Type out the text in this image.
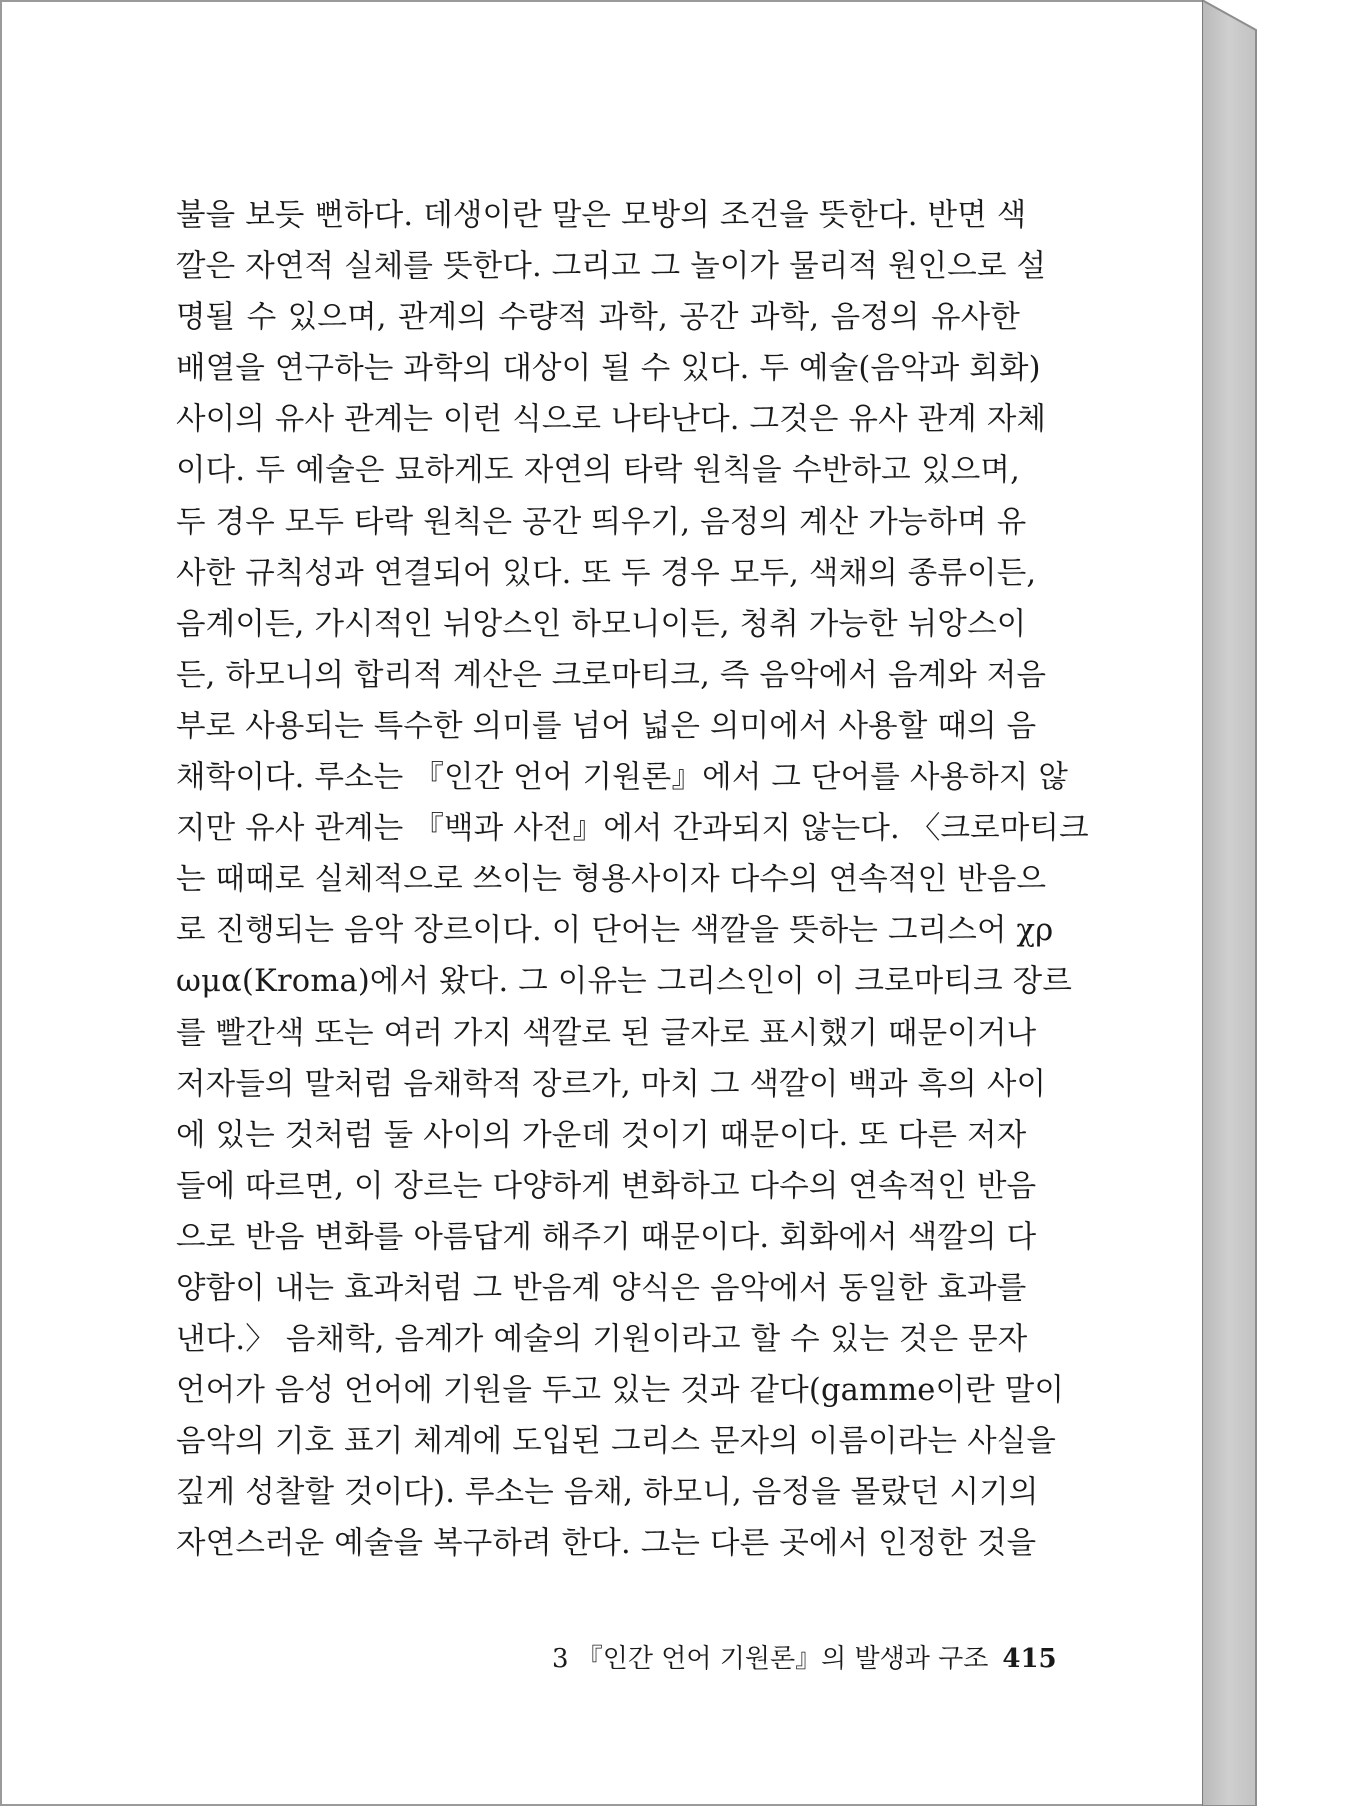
불을 보듯 뻔하다. 데생이란 말은 모방의 조건을 뜻한다. 반면 색
깔은 자연적 실체를 뜻한다. 그리고 그 놀이가 물리적 원인으로 설
명될 수 있으며, 관계의 수량적 과학, 공간 과학, 음정의 유사한
배열을 연구하는 과학의 대상이 될 수 있다. 두 예술(음악과 회화)
사이의 유사 관계는 이런 식으로 나타난다. 그것은 유사 관계 자체
이다. 두 예술은 묘하게도 자연의 타락 원칙을 수반하고 있으며,
두 경우 모두 타락 원칙은 공간 띄우기, 음정의 계산 가능하며 유
사한 규칙성과 연결되어 있다. 또 두 경우 모두, 색채의 종류이든,
음계이든, 가시적인 뉘앙스인 하모니이든, 청취 가능한 뉘앙스이
든, 하모니의 합리적 계산은 크로마티크, 즉 음악에서 음계와 저음
부로 사용되는 특수한 의미를 넘어 넓은 의미에서 사용할 때의 음
채학이다. 루소는 『인간 언어 기원론』에서 그 단어를 사용하지 않
지만 유사 관계는 『백과 사전』에서 간과되지 않는다. 〈크로마티크
는 때때로 실체적으로 쓰이는 형용사이자 다수의 연속적인 반음으
로 진행되는 음악 장르이다. 이 단어는 색깔을 뜻하는 그리스어 χρ
ωμα(Kroma)에서 왔다. 그 이유는 그리스인이 이 크로마티크 장르
를 빨간색 또는 여러 가지 색깔로 된 글자로 표시했기 때문이거나
저자들의 말처럼 음채학적 장르가, 마치 그 색깔이 백과 흑의 사이
에 있는 것처럼 둘 사이의 가운데 것이기 때문이다. 또 다른 저자
들에 따르면, 이 장르는 다양하게 변화하고 다수의 연속적인 반음
으로 반음 변화를 아름답게 해주기 때문이다. 회화에서 색깔의 다
양함이 내는 효과처럼 그 반음계 양식은 음악에서 동일한 효과를
낸다.〉 음채학, 음계가 예술의 기원이라고 할 수 있는 것은 문자
언어가 음성 언어에 기원을 두고 있는 것과 같다(gamme이란 말이
음악의 기호 표기 체계에 도입된 그리스 문자의 이름이라는 사실을
깊게 성찰할 것이다). 루소는 음채, 하모니, 음정을 몰랐던 시기의
자연스러운 예술을 복구하려 한다. 그는 다른 곳에서 인정한 것을
3 『인간 언어 기원론』의 발생과 구조 415
